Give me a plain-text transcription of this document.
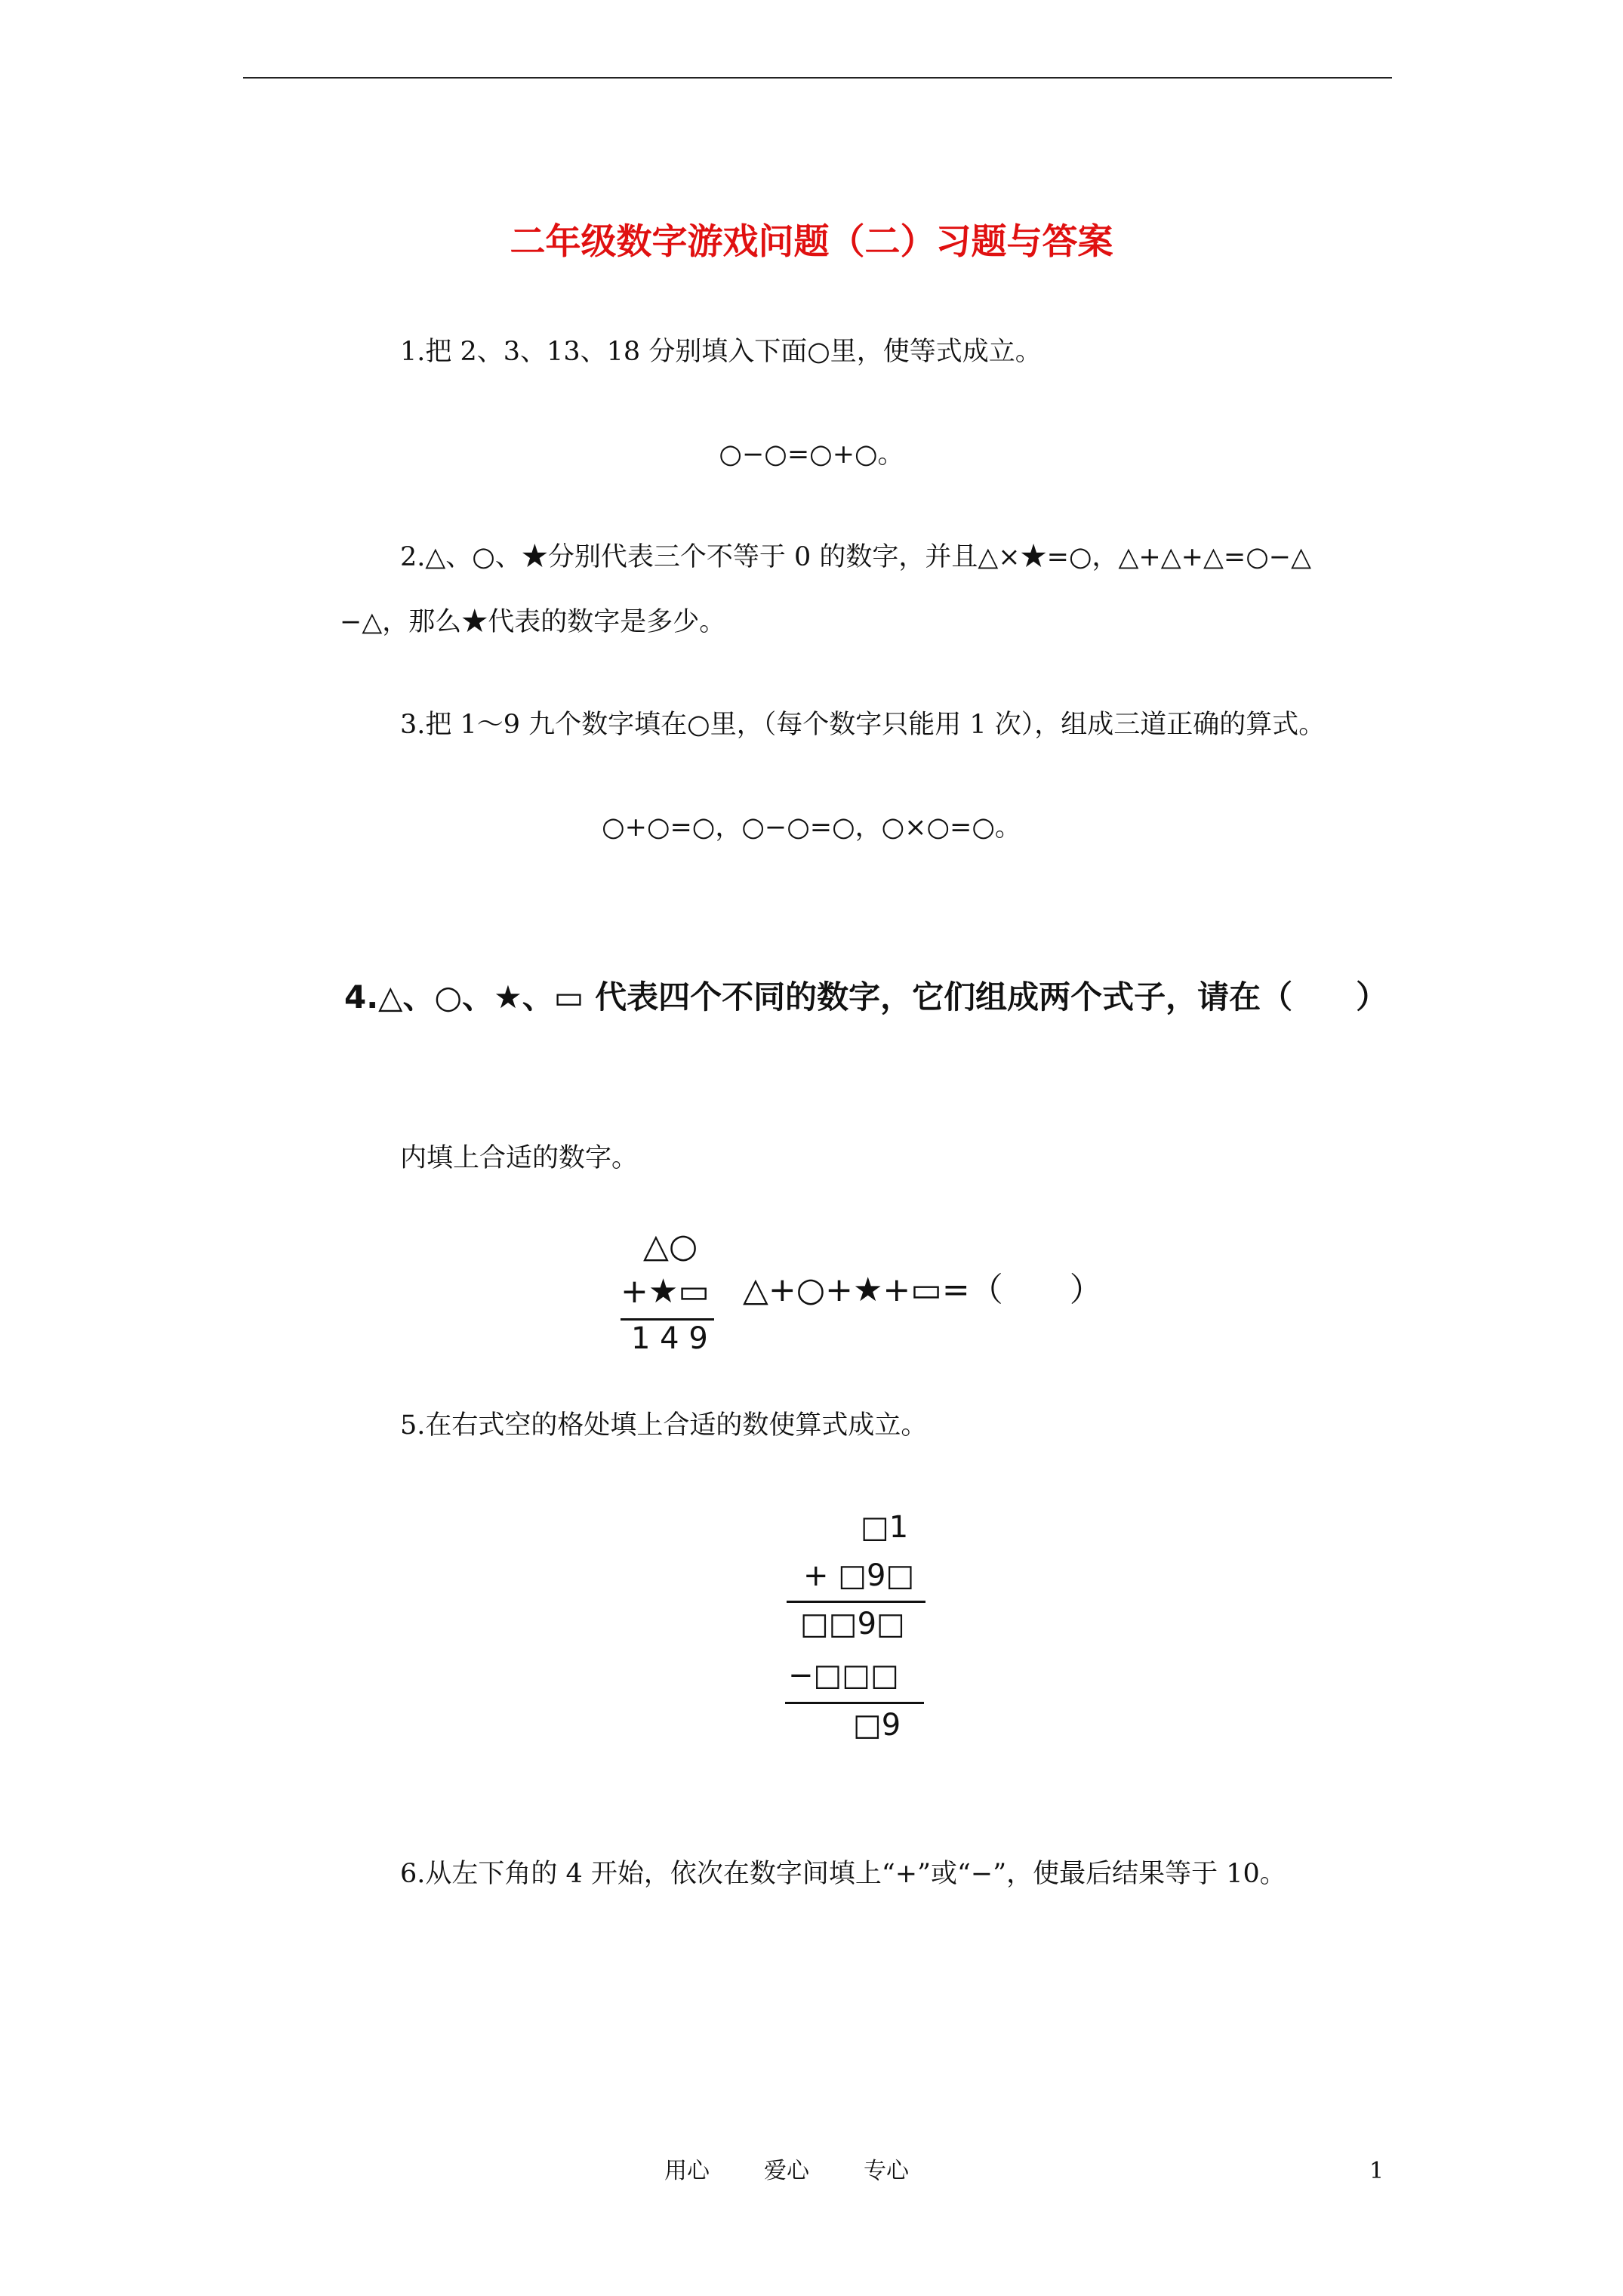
二年级数字游戏问题（二）习题与答案
1.把 2、3、13、18 分别填入下面○里，使等式成立。
○−○=○+○。
2.△、○、★分别代表三个不等于 0 的数字，并且△×★=○，△+△+△=○−△
−△，那么★代表的数字是多少。
3.把 1～9 九个数字填在○里，（每个数字只能用 1 次），组成三道正确的算式。
○+○=○，○−○=○，○×○=○。
4.△、○、★、▭ 代表四个不同的数字，它们组成两个式子，请在（　　）
内填上合适的数字。
△○
+★▭
1 4 9
△+○+★+▭=（　　）
5.在右式空的格处填上合适的数使算式成立。
□1
+ □9□
□□9□
−□□□
□9
6.从左下角的 4 开始，依次在数字间填上“+”或“−”，使最后结果等于 10。
用心 爱心 专心	1
